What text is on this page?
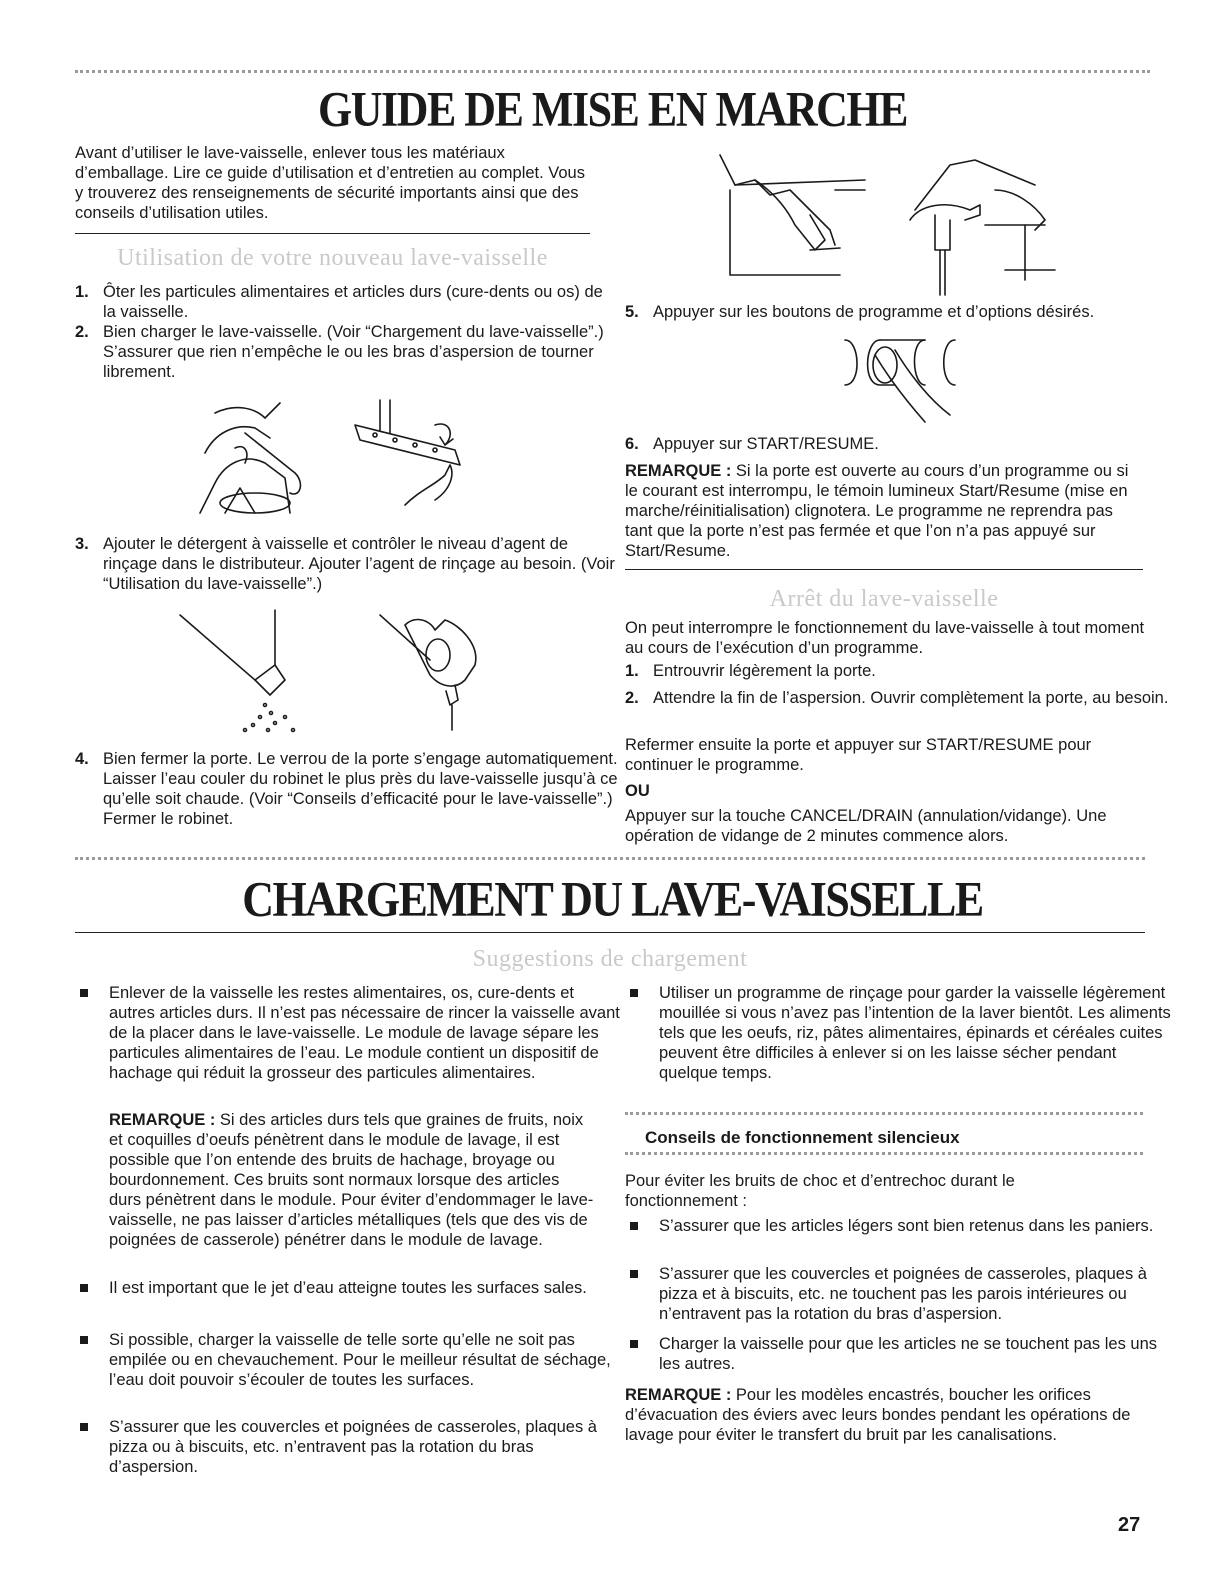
GUIDE DE MISE EN MARCHE

Avant d’utiliser le lave-vaisselle, enlever tous les matériaux d’emballage. Lire ce guide d’utilisation et d’entretien au complet. Vous y trouverez des renseignements de sécurité importants ainsi que des conseils d’utilisation utiles.

Utilisation de votre nouveau lave-vaisselle
1. Ôter les particules alimentaires et articles durs (cure-dents ou os) de la vaisselle.
2. Bien charger le lave-vaisselle. (Voir “Chargement du lave-vaisselle”.) S’assurer que rien n’empêche le ou les bras d’aspersion de tourner librement.
3. Ajouter le détergent à vaisselle et contrôler le niveau d’agent de rinçage dans le distributeur. Ajouter l’agent de rinçage au besoin. (Voir “Utilisation du lave-vaisselle”.)
4. Bien fermer la porte. Le verrou de la porte s’engage automatiquement. Laisser l’eau couler du robinet le plus près du lave-vaisselle jusqu’à ce qu’elle soit chaude. (Voir “Conseils d’efficacité pour le lave-vaisselle”.) Fermer le robinet.
5. Appuyer sur les boutons de programme et d’options désirés.
6. Appuyer sur START/RESUME.

REMARQUE : Si la porte est ouverte au cours d’un programme ou si le courant est interrompu, le témoin lumineux Start/Resume (mise en marche/réinitialisation) clignotera. Le programme ne reprendra pas tant que la porte n’est pas fermée et que l’on n’a pas appuyé sur Start/Resume.

Arrêt du lave-vaisselle

On peut interrompre le fonctionnement du lave-vaisselle à tout moment au cours de l’exécution d’un programme.

1. Entrouvrir légèrement la porte.
2. Attendre la fin de l’aspersion. Ouvrir complètement la porte, au besoin.

Refermer ensuite la porte et appuyer sur START/RESUME pour continuer le programme.

OU

Appuyer sur la touche CANCEL/DRAIN (annulation/vidange). Une opération de vidange de 2 minutes commence alors.

CHARGEMENT DU LAVE-VAISSELLE
Suggestions de chargement
Enlever de la vaisselle les restes alimentaires, os, cure-dents et autres articles durs. Il n’est pas nécessaire de rincer la vaisselle avant de la placer dans le lave-vaisselle. Le module de lavage sépare les particules alimentaires de l’eau. Le module contient un dispositif de hachage qui réduit la grosseur des particules alimentaires.

REMARQUE : Si des articles durs tels que graines de fruits, noix et coquilles d’oeufs pénètrent dans le module de lavage, il est possible que l’on entende des bruits de hachage, broyage ou bourdonnement. Ces bruits sont normaux lorsque des articles durs pénètrent dans le module. Pour éviter d’endommager le lave-vaisselle, ne pas laisser d’articles métalliques (tels que des vis de poignées de casserole) pénétrer dans le module de lavage.

Il est important que le jet d’eau atteigne toutes les surfaces sales.
Si possible, charger la vaisselle de telle sorte qu’elle ne soit pas empilée ou en chevauchement. Pour le meilleur résultat de séchage, l’eau doit pouvoir s’écouler de toutes les surfaces.
S’assurer que les couvercles et poignées de casseroles, plaques à pizza ou à biscuits, etc. n’entravent pas la rotation du bras d’aspersion.
Utiliser un programme de rinçage pour garder la vaisselle légèrement mouillée si vous n’avez pas l’intention de la laver bientôt. Les aliments tels que les oeufs, riz, pâtes alimentaires, épinards et céréales cuites peuvent être difficiles à enlever si on les laisse sécher pendant quelque temps.
Conseils de fonctionnement silencieux

Pour éviter les bruits de choc et d’entrechoc durant le fonctionnement :

S’assurer que les articles légers sont bien retenus dans les paniers.
S’assurer que les couvercles et poignées de casseroles, plaques à pizza et à biscuits, etc. ne touchent pas les parois intérieures ou n’entravent pas la rotation du bras d’aspersion.
Charger la vaisselle pour que les articles ne se touchent pas les uns les autres.

REMARQUE : Pour les modèles encastrés, boucher les orifices d’évacuation des éviers avec leurs bondes pendant les opérations de lavage pour éviter le transfert du bruit par les canalisations.

27
